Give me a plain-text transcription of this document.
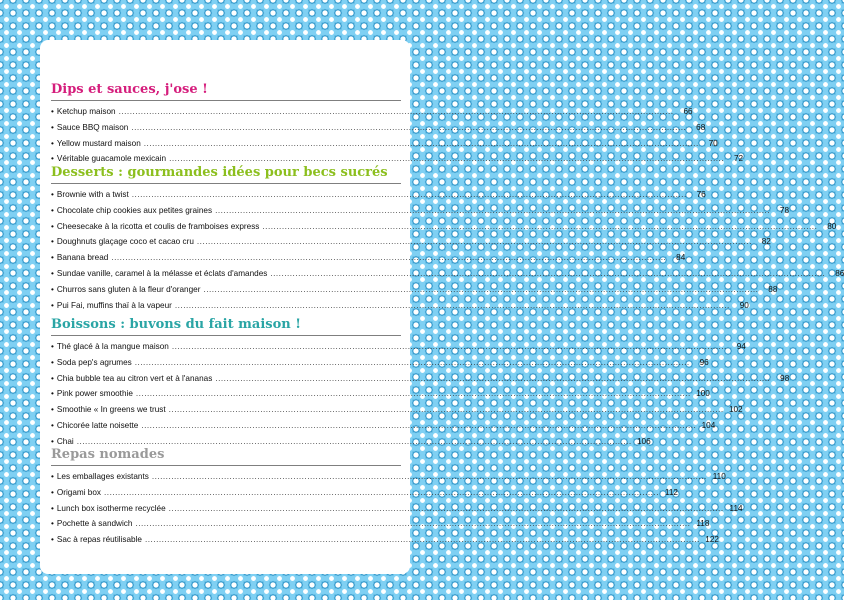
Dips et sauces, j'ose !
• Ketchup maison ........................................................................................................................................................................................................	66
• Sauce BBQ maison ........................................................................................................................................................................................................	68
• Yellow mustard maison ........................................................................................................................................................................................................	70
• Véritable guacamole mexicain ........................................................................................................................................................................................................	72
Desserts : gourmandes idées pour becs sucrés
• Brownie with a twist ........................................................................................................................................................................................................	76
• Chocolate chip cookies aux petites graines ........................................................................................................................................................................................................	78
• Cheesecake à la ricotta et coulis de framboises express ........................................................................................................................................................................................................	80
• Doughnuts glaçage coco et cacao cru ........................................................................................................................................................................................................	82
• Banana bread ........................................................................................................................................................................................................	84
• Sundae vanille, caramel à la mélasse et éclats d'amandes ........................................................................................................................................................................................................	86
• Churros sans gluten à la fleur d'oranger ........................................................................................................................................................................................................	88
• Pui Fai, muffins thaï à la vapeur ........................................................................................................................................................................................................	90
Boissons : buvons du fait maison !
• Thé glacé à la mangue maison ........................................................................................................................................................................................................	94
• Soda pep's agrumes ........................................................................................................................................................................................................	96
• Chia bubble tea au citron vert et à l'ananas ........................................................................................................................................................................................................	98
• Pink power smoothie ........................................................................................................................................................................................................ 100
• Smoothie « In greens we trust ........................................................................................................................................................................................................ 102
• Chicorée latte noisette ........................................................................................................................................................................................................ 104
• Chai ........................................................................................................................................................................................................ 106
Repas nomades
• Les emballages existants ........................................................................................................................................................................................................ 110
• Origami box ........................................................................................................................................................................................................ 112
• Lunch box isotherme recyclée ........................................................................................................................................................................................................ 114
• Pochette à sandwich ........................................................................................................................................................................................................ 118
• Sac à repas réutilisable ........................................................................................................................................................................................................ 122
